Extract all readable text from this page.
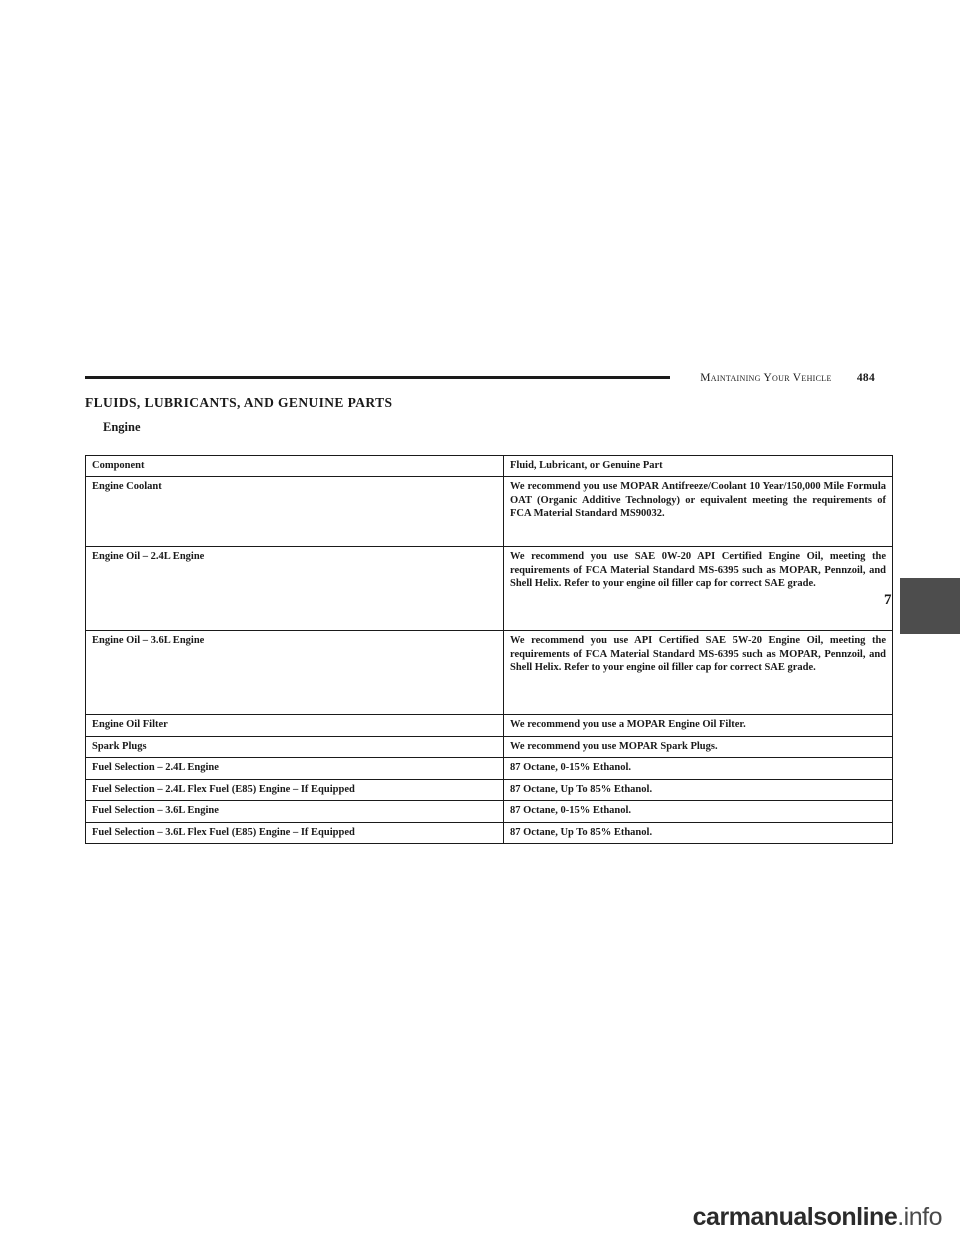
Maintaining Your Vehicle 484
FLUIDS, LUBRICANTS, AND GENUINE PARTS
Engine
7
Component	Fluid, Lubricant, or Genuine Part
Engine Coolant	We recommend you use MOPAR Antifreeze/Coolant 10 Year/150,000 Mile Formula OAT (Organic Additive Technology) or equivalent meeting the requirements of FCA Material Standard MS90032.
Engine Oil – 2.4L Engine	We recommend you use SAE 0W-20 API Certified Engine Oil, meeting the requirements of FCA Material Standard MS-6395 such as MOPAR, Pennzoil, and Shell Helix. Refer to your engine oil filler cap for correct SAE grade.
Engine Oil – 3.6L Engine	We recommend you use API Certified SAE 5W-20 Engine Oil, meeting the requirements of FCA Material Standard MS-6395 such as MOPAR, Pennzoil, and Shell Helix. Refer to your engine oil filler cap for correct SAE grade.
Engine Oil Filter	We recommend you use a MOPAR Engine Oil Filter.
Spark Plugs	We recommend you use MOPAR Spark Plugs.
Fuel Selection – 2.4L Engine	87 Octane, 0-15% Ethanol.
Fuel Selection – 2.4L Flex Fuel (E85) Engine – If Equipped	87 Octane, Up To 85% Ethanol.
Fuel Selection – 3.6L Engine	87 Octane, 0-15% Ethanol.
Fuel Selection – 3.6L Flex Fuel (E85) Engine – If Equipped	87 Octane, Up To 85% Ethanol.
carmanualsonline.info
